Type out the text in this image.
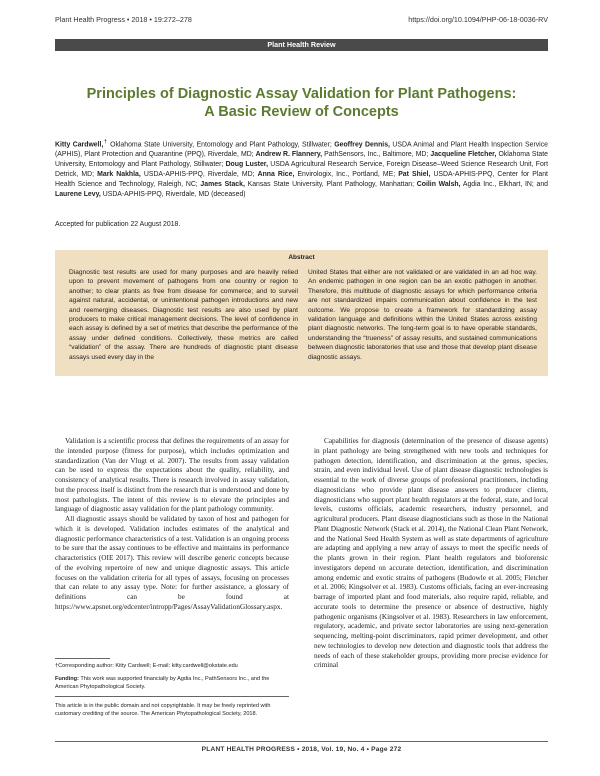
Plant Health Progress • 2018 • 19:272–278	https://doi.org/10.1094/PHP-06-18-0036-RV
Plant Health Review
Principles of Diagnostic Assay Validation for Plant Pathogens:
A Basic Review of Concepts
Kitty Cardwell,† Oklahoma State University, Entomology and Plant Pathology, Stillwater; Geoffrey Dennis, USDA Animal and Plant Health Inspection Service (APHIS), Plant Protection and Quarantine (PPQ), Riverdale, MD; Andrew R. Flannery, PathSensors, Inc., Baltimore, MD; Jacqueline Fletcher, Oklahoma State University, Entomology and Plant Pathology, Stillwater; Doug Luster, USDA Agricultural Research Service, Foreign Disease–Weed Science Research Unit, Fort Detrick, MD; Mark Nakhla, USDA-APHIS-PPQ, Riverdale, MD; Anna Rice, Envirologix, Inc., Portland, ME; Pat Shiel, USDA-APHIS-PPQ, Center for Plant Health Science and Technology, Raleigh, NC; James Stack, Kansas State University, Plant Pathology, Manhattan; Coilin Walsh, Agdia Inc., Elkhart, IN; and Laurene Levy, USDA-APHIS-PPQ, Riverdale, MD (deceased)
Accepted for publication 22 August 2018.
Abstract
Diagnostic test results are used for many purposes and are heavily relied upon to prevent movement of pathogens from one country or region to another; to clear plants as free from disease for commerce; and to surveil against natural, accidental, or unintentional pathogen introductions and new and reemerging diseases. Diagnostic test results are also used by plant producers to make critical management decisions. The level of confidence in each assay is defined by a set of metrics that describe the performance of the assay under defined conditions. Collectively, these metrics are called “validation” of the assay. There are hundreds of diagnostic plant disease assays used every day in the
United States that either are not validated or are validated in an ad hoc way. An endemic pathogen in one region can be an exotic pathogen in another. Therefore, this multitude of diagnostic assays for which performance criteria are not standardized impairs communication about confidence in the test outcome. We propose to create a framework for standardizing assay validation language and definitions within the United States across existing plant diagnostic networks. The long-term goal is to have operable standards, understanding the “trueness” of assay results, and sustained communications between diagnostic laboratories that use and those that develop plant disease diagnostic assays.

Validation is a scientific process that defines the requirements of an assay for the intended purpose (fitness for purpose), which includes optimization and standardization (Van der Vlugt et al. 2007). The results from assay validation can be used to express the expectations about the quality, reliability, and consistency of analytical results. There is research involved in assay validation, but the process itself is distinct from the research that is understood and done by most pathologists. The intent of this review is to elevate the principles and language of diagnostic assay validation for the plant pathology community.

All diagnostic assays should be validated by taxon of host and pathogen for which it is developed. Validation includes estimates of the analytical and diagnostic performance characteristics of a test. Validation is an ongoing process to be sure that the assay continues to be effective and maintains its performance characteristics (OIE 2017). This review will describe generic concepts because of the evolving repertoire of new and unique diagnostic assays. This article focuses on the validation criteria for all types of assays, focusing on processes that can relate to any assay type. Note: for further assistance, a glossary of definitions can be found at https://www.apsnet.org/edcenter/intropp/Pages/AssayValidationGlossary.aspx.

Capabilities for diagnosis (determination of the presence of disease agents) in plant pathology are being strengthened with new tools and techniques for pathogen detection, identification, and discrimination at the genus, species, strain, and even individual level. Use of plant disease diagnostic technologies is essential to the work of diverse groups of professional practitioners, including diagnosticians who provide plant disease answers to producer clients, diagnosticians who support plant health regulators at the federal, state, and local levels, customs officials, academic researchers, industry personnel, and agricultural producers. Plant disease diagnosticians such as those in the National Plant Diagnostic Network (Stack et al. 2014), the National Clean Plant Network, and the National Seed Health System as well as state departments of agriculture are adapting and applying a new array of assays to meet the specific needs of the plants grown in their region. Plant health regulators and bioforensic investigators depend on accurate detection, identification, and discrimination among endemic and exotic strains of pathogens (Budowle et al. 2005; Fletcher et al. 2006; Kingsolver et al. 1983). Customs officials, facing an ever-increasing barrage of imported plant and food materials, also require rapid, reliable, and accurate tools to determine the presence or absence of destructive, highly pathogenic organisms (Kingsolver et al. 1983). Researchers in law enforcement, regulatory, academic, and private sector laboratories are using next-generation sequencing, melting-point discriminators, rapid primer development, and other new technologies to develop new detection and diagnostic tools that address the needs of each of these stakeholder groups, providing more precise evidence for criminal

†Corresponding author: Kitty Cardwell; E-mail: kitty.cardwell@okstate.edu

Funding: This work was supported financially by Agdia Inc., PathSensors Inc., and the American Phytopathological Society.

This article is in the public domain and not copyrightable. It may be freely reprinted with customary crediting of the source. The American Phytopathological Society, 2018.

PLANT HEALTH PROGRESS • 2018, Vol. 19, No. 4 • Page 272
